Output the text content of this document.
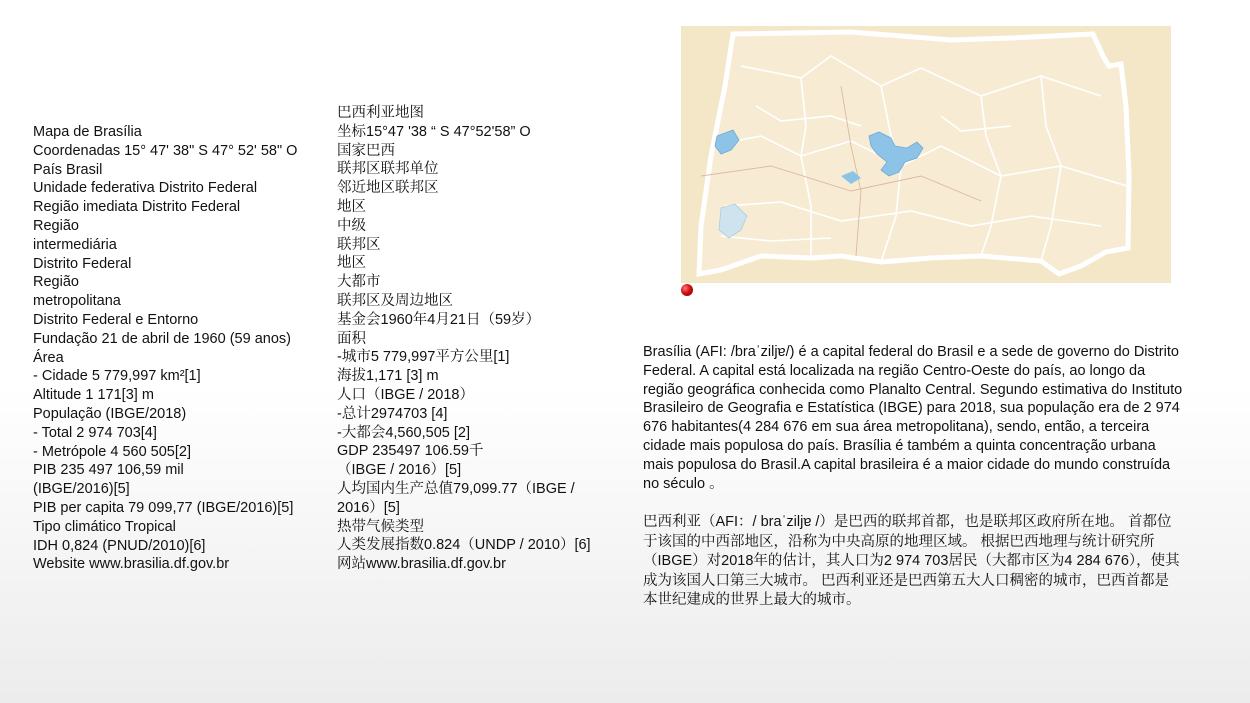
Mapa de Brasília
Coordenadas 15° 47' 38" S 47° 52' 58" O
País Brasil
Unidade federativa Distrito Federal
Região imediata Distrito Federal
Região
intermediária
Distrito Federal
Região
metropolitana
Distrito Federal e Entorno
Fundação 21 de abril de 1960 (59 anos)
Área
- Cidade 5 779,997 km²[1]
Altitude 1 171[3] m
População (IBGE/2018)
- Total 2 974 703[4]
- Metrópole 4 560 505[2]
PIB 235 497 106,59 mil
(IBGE/2016)[5]
PIB per capita 79 099,77 (IBGE/2016)[5]
Tipo climático Tropical
IDH 0,824 (PNUD/2010)[6]
Website www.brasilia.df.gov.br
巴西利亚地图
坐标15°47 '38 “ S 47°52'58” O
国家巴西
联邦区联邦单位
邻近地区联邦区
地区
中级
联邦区
地区
大都市
联邦区及周边地区
基金会1960年4月21日（59岁）
面积
-城市5 779,997平方公里[1]
海拔1,171 [3] m
人口（IBGE / 2018）
-总计2974703 [4]
-大都会4,560,505 [2]
GDP 235497 106.59千
（IBGE / 2016）[5]
人均国内生产总值79,099.77（IBGE /
2016）[5]
热带气候类型
人类发展指数0.824（UNDP / 2010）[6]
网站www.brasilia.df.gov.br
Brasília (AFI: /braˈziljɐ/) é a capital federal do Brasil e a sede de governo do Distrito Federal. A capital está localizada na região Centro-Oeste do país, ao longo da região geográfica conhecida como Planalto Central. Segundo estimativa do Instituto Brasileiro de Geografia e Estatística (IBGE) para 2018, sua população era de 2 974 676 habitantes(4 284 676 em sua área metropolitana), sendo, então, a terceira cidade mais populosa do país. Brasília é também a quinta concentração urbana mais populosa do Brasil.A capital brasileira é a maior cidade do mundo construída no século 。
巴西利亚（AFI：/ braˈziljɐ /）是巴西的联邦首都，也是联邦区政府所在地。 首都位于该国的中西部地区，沿称为中央高原的地理区域。 根据巴西地理与统计研究所（IBGE）对2018年的估计，其人口为2 974 703居民（大都市区为4 284 676），使其成为该国人口第三大城市。 巴西利亚还是巴西第五大人口稠密的城市，巴西首都是本世纪建成的世界上最大的城市。
